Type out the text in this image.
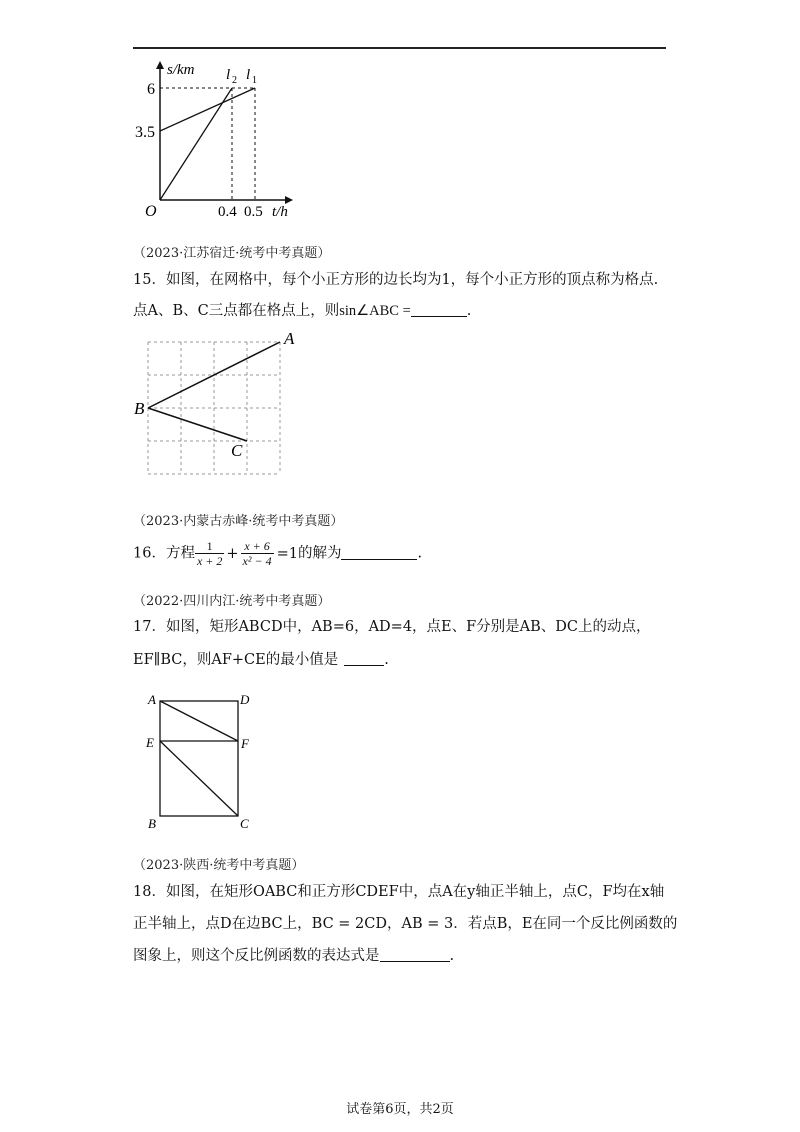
s/km l 2 l 1
6
3.5
O	0.4 0.5 t/h
（2023·江苏宿迁·统考中考真题）
15．如图，在网格中，每个小正方形的边长均为1，每个小正方形的顶点称为格点.
点A、B、C三点都在格点上，则sin∠ABC =	.
A
B
C
（2023·内蒙古赤峰·统考中考真题）
16．方程 $\frac{1}{x + 2} + \frac{x + 6}{\text{x² − 4}} =1$的解为	.
（2022·四川内江·统考中考真题）
17．如图，矩形ABCD中，AB=6，AD=4，点E、F分别是AB、DC上的动点，
EF∥BC，则AF+CE的最小值是	.
A	D
E	F
B	C
（2023·陕西·统考中考真题）
18．如图，在矩形OABC和正方形CDEF中，点A在y轴正半轴上，点C，F均在x轴
正半轴上，点D在边BC上，BC = 2CD，AB = 3．若点B，E在同一个反比例函数的
图象上，则这个反比例函数的表达式是	.
试卷第6页，共2页
